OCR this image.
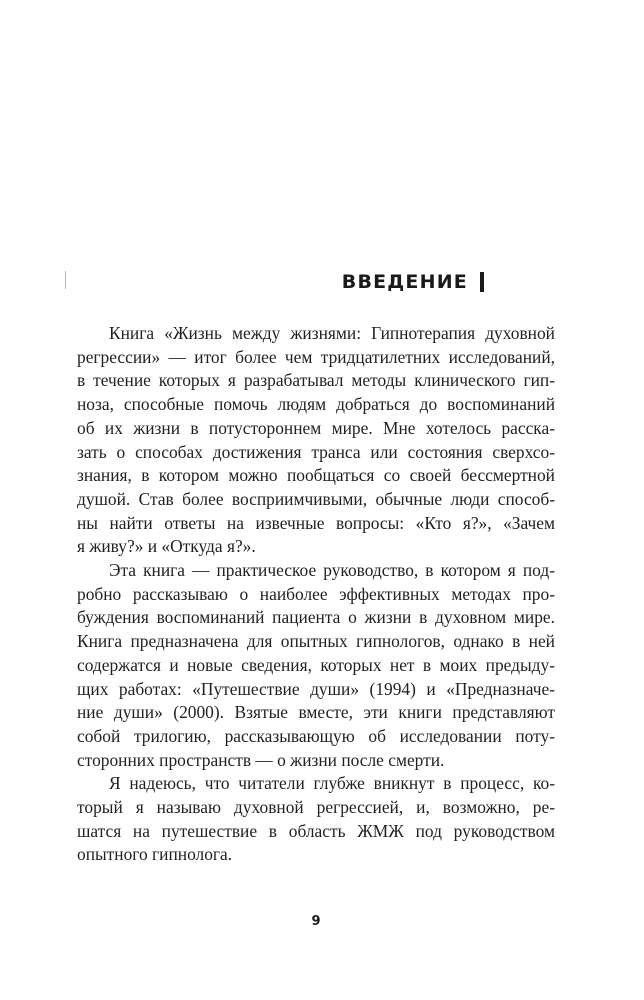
ВВЕДЕНИЕ

Книга «Жизнь между жизнями: Гипнотерапия духовной
регрессии» — итог более чем тридцатилетних исследований,
в течение которых я разрабатывал методы клинического гип-
ноза, способные помочь людям добраться до воспоминаний
об их жизни в потустороннем мире. Мне хотелось расска-
зать о способах достижения транса или состояния сверхсо-
знания, в котором можно пообщаться со своей бессмертной
душой. Став более восприимчивыми, обычные люди способ-
ны найти ответы на извечные вопросы: «Кто я?», «Зачем
я живу?» и «Откуда я?».

Эта книга — практическое руководство, в котором я под-
робно рассказываю о наиболее эффективных методах про-
буждения воспоминаний пациента о жизни в духовном мире.
Книга предназначена для опытных гипнологов, однако в ней
содержатся и новые сведения, которых нет в моих предыду-
щих работах: «Путешествие души» (1994) и «Предназначе-
ние души» (2000). Взятые вместе, эти книги представляют
собой трилогию, рассказывающую об исследовании поту-
сторонних пространств — о жизни после смерти.

Я надеюсь, что читатели глубже вникнут в процесс, ко-
торый я называю духовной регрессией, и, возможно, ре-
шатся на путешествие в область ЖМЖ под руководством
опытного гипнолога.

9
